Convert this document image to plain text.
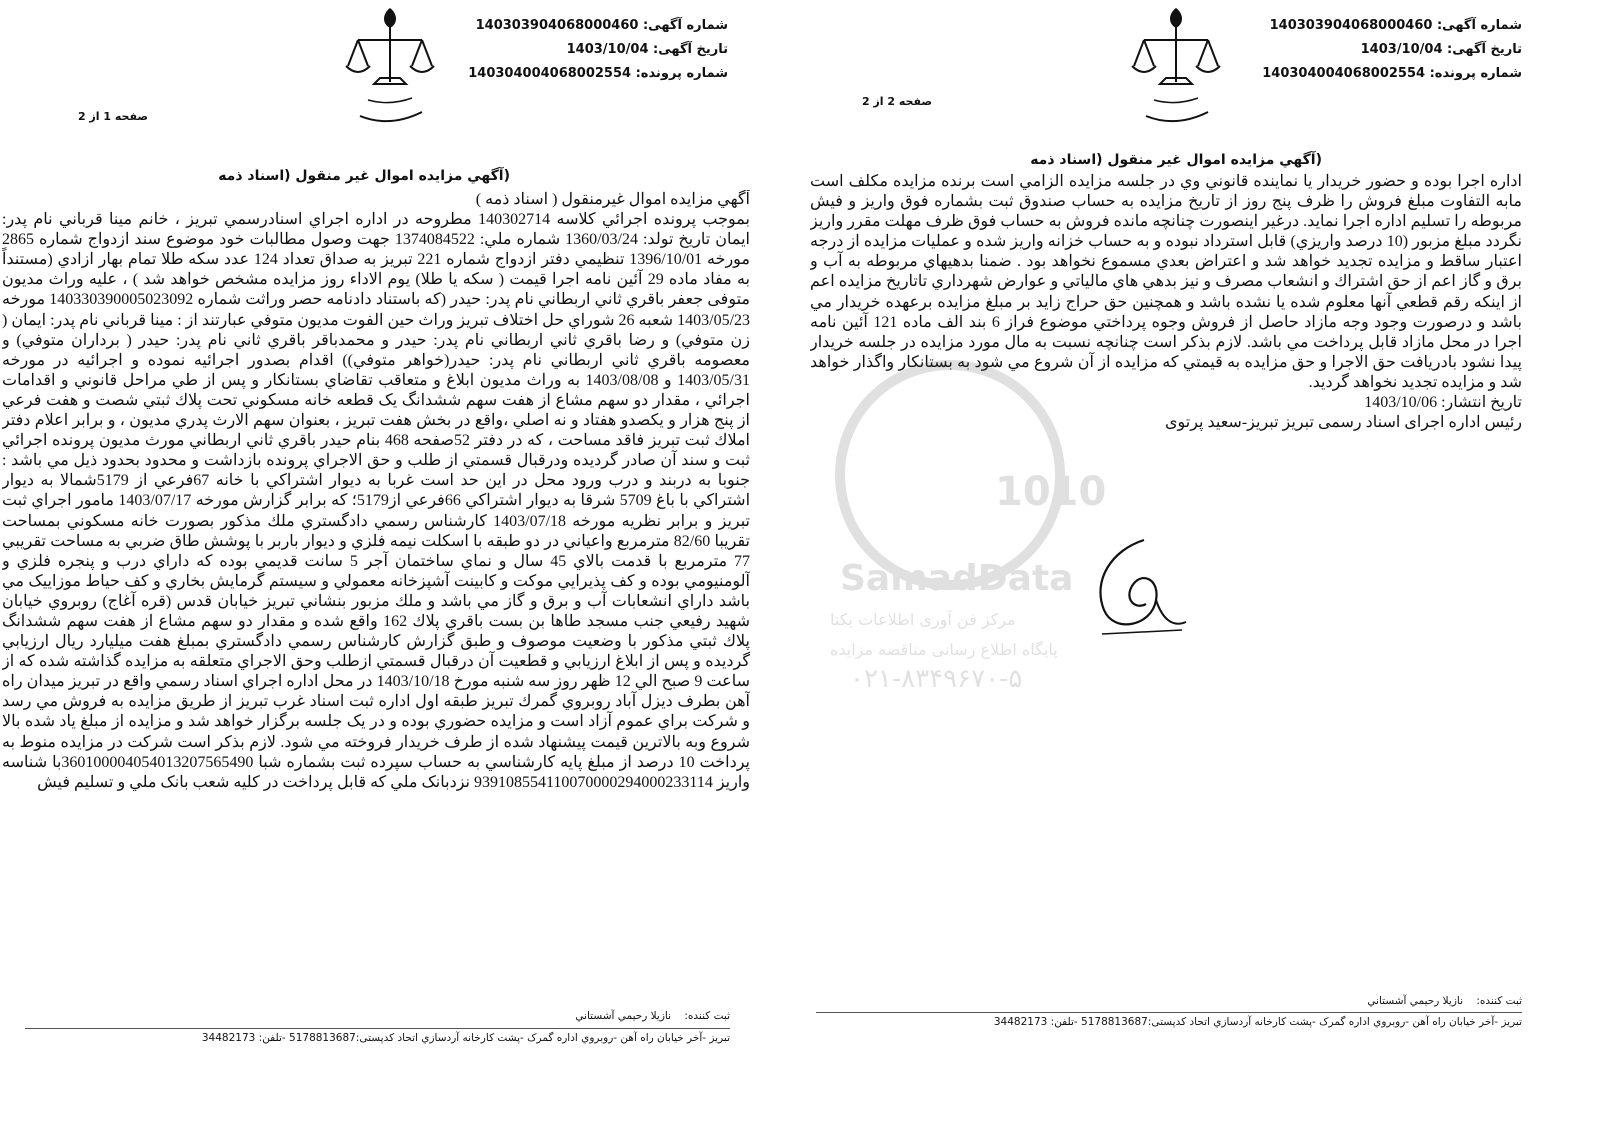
شماره آگهی: 140303904068000460
تاریخ آگهی: 1403/10/04
شماره پرونده: 140304004068002554
صفحه 1 از 2
(آگهي مزايده اموال غير منقول (اسناد ذمه

آگهي مزايده اموال غيرمنقول ( اسناد ذمه )

بموجب پرونده اجرائي كلاسه 140302714 مطروحه در اداره اجراي اسنادرسمي تبريز ، خانم مينا قرباني نام پدر: ايمان تاريخ تولد: 1360/03/24 شماره ملي: 1374084522 جهت وصول مطالبات خود موضوع سند ازدواج شماره 2865 مورخه 1396/10/01 تنظيمي دفتر ازدواج شماره 221 تبريز به صداق تعداد 124 عدد سكه طلا تمام بهار ازادي (مستنداً به مفاد ماده 29 آئين نامه اجرا قيمت ( سكه يا طلا) يوم الاداء روز مزايده مشخص خواهد شد ) ، عليه وراث مدیون متوفی جعفر باقري ثاني اربطاني نام پدر: حيدر (كه باستناد دادنامه حصر وراثت شماره 140330390005023092 مورخه 1403/05/23 شعبه 26 شوراي حل اختلاف تبريز وراث حين الفوت مدیون متوفي عبارتند از : مينا قرباني نام پدر: ايمان ( زن متوفي) و رضا باقري ثاني اربطاني نام پدر: حيدر و محمدباقر باقري ثاني نام پدر: حيدر ( برداران متوفي) و معصومه باقري ثاني اربطاني نام پدر: حيدر(خواهر متوفي)) اقدام بصدور اجرائيه نموده و اجرائيه در مورخه 1403/05/31 و 1403/08/08 به وراث مديون ابلاغ و متعاقب تقاضاي بستانكار و پس از طي مراحل قانوني و اقدامات اجرائي ، مقدار دو سهم مشاع از هفت سهم ششدانگ يک قطعه خانه مسكوني تحت پلاك ثبتي شصت و هفت فرعي از پنج هزار و يكصدو هفتاد و نه اصلي ،واقع در بخش هفت تبريز ، بعنوان سهم الارث پدري مديون ، و برابر اعلام دفتر املاك ثبت تبريز فاقد مساحت ، كه در دفتر 52صفحه 468 بنام حيدر باقري ثاني اربطاني مورث مديون پرونده اجرائي ثبت و سند آن صادر گرديده ودرقبال قسمتي از طلب و حق الاجراي پرونده بازداشت و محدود بحدود ذيل مي باشد : جنوبا به دربند و درب ورود محل در اين حد است غربا به ديوار اشتراكي با خانه 67فرعي از 5179شمالا به ديوار اشتراكي با باغ 5709 شرقا به ديوار اشتراكي 66فرعي از5179؛ كه برابر گزارش مورخه 1403/07/17 مامور اجراي ثبت تبريز و برابر نظريه مورخه 1403/07/18 كارشناس رسمي دادگستري ملك مذكور بصورت خانه مسكوني بمساحت تقريبا 82/60 مترمربع واعياني در دو طبقه با اسكلت نيمه فلزي و ديوار باربر با پوشش طاق ضربي به مساحت تقريبي 77 مترمربع با قدمت بالاي 45 سال و نماي ساختمان آجر 5 سانت قديمي بوده كه داراي درب و پنجره فلزي و آلومنيومي بوده و كف پذيرايي موكت و كابينت آشپزخانه معمولي و سيستم گرمايش بخاري و كف حياط موزاييک مي باشد داراي انشعابات آب و برق و گاز مي باشد و ملك مزبور بنشاني تبريز خيابان قدس (قره آغاج) روبروي خيابان شهيد رفيعي جنب مسجد طاها بن بست باقري پلاك 162 واقع شده و مقدار دو سهم مشاع از هفت سهم ششدانگ پلاك ثبتي مذكور با وضعيت موصوف و طبق گزارش كارشناس رسمي دادگستري بمبلغ هفت ميليارد ريال ارزيابي گرديده و پس از ابلاغ ارزيابي و قطعيت آن درقبال قسمتي ازطلب وحق الاجراي متعلقه به مزايده گذاشته شده كه از ساعت 9 صبح الي 12 ظهر روز سه شنبه مورخ 1403/10/18 در محل اداره اجراي اسناد رسمي واقع در تبريز ميدان راه آهن بطرف ديزل آباد روبروي گمرك تبريز طبقه اول اداره ثبت اسناد غرب تبريز از طريق مزايده به فروش مي رسد و شركت براي عموم آزاد است و مزايده حضوري بوده و در يک جلسه برگزار خواهد شد و مزايده از مبلغ ياد شده بالا شروع وبه بالاترين قيمت پيشنهاد شده از طرف خريدار فروخته مي شود. لازم بذكر است شركت در مزايده منوط به پرداخت 10 درصد از مبلغ پايه كارشناسي به حساب سپرده ثبت بشماره شبا 360100004054013207565490با شناسه واريز 939108554110070000294000233114 نزدبانک ملي كه قابل پرداخت در كليه شعب بانک ملي و تسليم فيش

ثبت کننده:    نازیلا رحیمي آشستاني
تبریز -آخر خیابان راه آهن -روبروي اداره گمرک -پشت کارخانه آردسازي اتحاد کدپستی:5178813687 -تلفن: 34482173
شماره آگهی: 140303904068000460
تاریخ آگهی: 1403/10/04
شماره پرونده: 140304004068002554
صفحه 2 از 2
(آگهي مزايده اموال غير منقول (اسناد ذمه

اداره اجرا بوده و حضور خريدار يا نماينده قانوني وي در جلسه مزايده الزامي است برنده مزايده مكلف است مابه التفاوت مبلغ فروش را ظرف پنج روز از تاريخ مزايده به حساب صندوق ثبت بشماره فوق واريز و فيش مربوطه را تسليم اداره اجرا نمايد. درغير اينصورت چنانچه مانده فروش به حساب فوق ظرف مهلت مقرر واريز نگردد مبلغ مزبور (10 درصد واريزي) قابل استرداد نبوده و به حساب خزانه واريز شده و عمليات مزايده از درجه اعتبار ساقط و مزايده تجديد خواهد شد و اعتراض بعدي مسموع نخواهد بود . ضمنا بدهيهاي مربوطه به آب و برق و گاز اعم از حق اشتراك و انشعاب مصرف و نيز بدهي هاي مالياتي و عوارض شهرداري تاتاريخ مزايده اعم از اينكه رقم قطعي آنها معلوم شده يا نشده باشد و همچنين حق حراج زايد بر مبلغ مزايده برعهده خريدار مي باشد و درصورت وجود وجه مازاد حاصل از فروش وجوه پرداختي موضوع فراز 6 بند الف ماده 121 آئين نامه اجرا در محل مازاد قابل پرداخت مي باشد. لازم بذكر است چنانچه نسبت به مال مورد مزايده در جلسه خريدار پيدا نشود بادريافت حق الاجرا و حق مزايده به قيمتي كه مزايده از آن شروع مي شود به بستانكار واگذار خواهد شد و مزايده تجديد نخواهد گرديد.

تاريخ انتشار: 1403/10/06

رئیس اداره اجرای اسناد رسمی تبریز تبریز-سعید پرتوی

ثبت کننده:    نازیلا رحیمي آشستاني
تبریز -آخر خیابان راه آهن -روبروي اداره گمرک -پشت کارخانه آردسازي اتحاد کدپستی:5178813687 -تلفن: 34482173
1010
SamadData
مرکز فن آوری اطلاعات یکتا
پایگاه اطلاع رسانی مناقصه مزایده
۰۲۱-۸۳۴۹۶۷۰-۵
